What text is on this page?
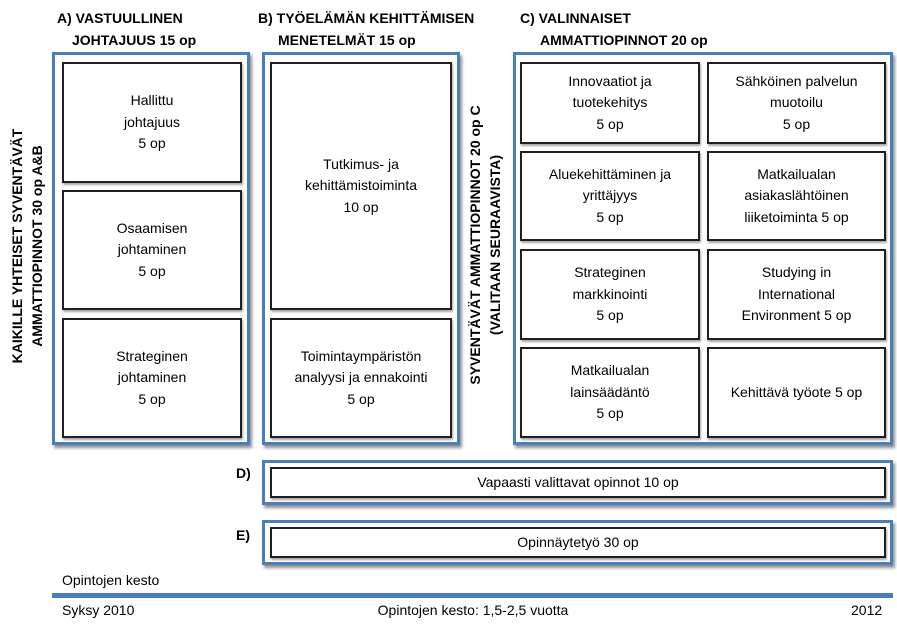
A) VASTUULLINEN
JOHTAJUUS 15 op
B) TYÖELÄMÄN KEHITTÄMISEN
MENETELMÄT 15 op
C) VALINNAISET
AMMATTIOPINNOT 20 op
KAIKILLE YHTEISET SYVENTÄVÄT AMMATTIOPINNOT 30 op A&B	SYVENTÄVÄT AMMATTIOPINNOT 20 op C (VALITAAN SEURAAVISTA)
Hallittu
johtajuus
5 op
Osaamisen
johtaminen
5 op
Strateginen
johtaminen
5 op
Tutkimus- ja
kehittämistoiminta
10 op
Toimintaympäristön
analyysi ja ennakointi
5 op
Innovaatiot ja
tuotekehitys
5 op
Sähköinen palvelun
muotoilu
5 op
Aluekehittäminen ja
yrittäjyys
5 op
Matkailualan
asiakaslähtöinen
liiketoiminta 5 op
Strateginen
markkinointi
5 op
Studying in
International
Environment 5 op
Matkailualan
lainsäädäntö
5 op
Kehittävä työote 5 op
D)
Vapaasti valittavat opinnot 10 op
E)	Opinnäytetyö 30 op
Opintojen kesto
Syksy 2010	Opintojen kesto: 1,5-2,5 vuotta	2012
